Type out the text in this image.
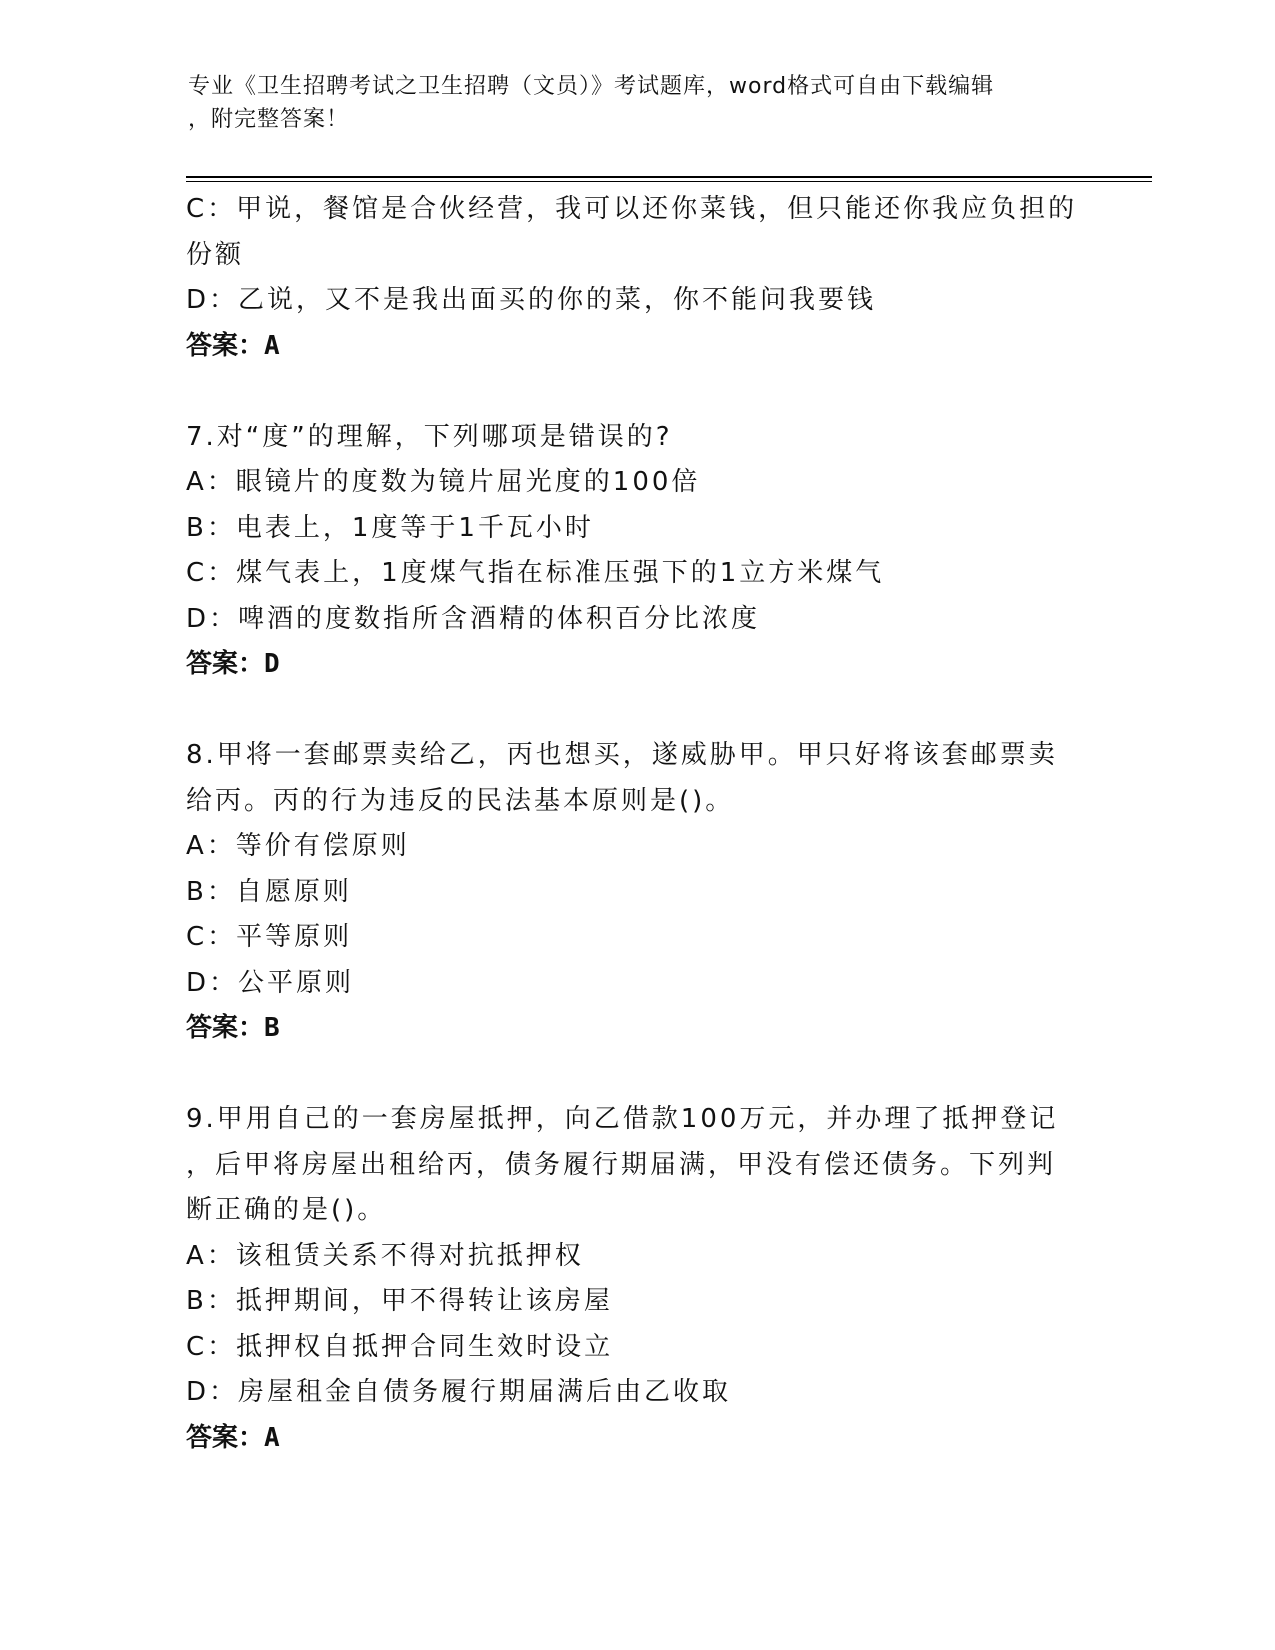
专业《卫生招聘考试之卫生招聘（文员）》考试题库，word格式可自由下载编辑
，附完整答案！
C：甲说，餐馆是合伙经营，我可以还你菜钱，但只能还你我应负担的
份额
D：乙说，又不是我出面买的你的菜，你不能问我要钱
答案：A
7.对“度”的理解，下列哪项是错误的?
A：眼镜片的度数为镜片屈光度的100倍
B：电表上，1度等于1千瓦小时
C：煤气表上，1度煤气指在标准压强下的1立方米煤气
D：啤酒的度数指所含酒精的体积百分比浓度
答案：D
8.甲将一套邮票卖给乙，丙也想买，遂威胁甲。甲只好将该套邮票卖
给丙。丙的行为违反的民法基本原则是()。
A：等价有偿原则
B：自愿原则
C：平等原则
D：公平原则
答案：B
9.甲用自己的一套房屋抵押，向乙借款100万元，并办理了抵押登记
，后甲将房屋出租给丙，债务履行期届满，甲没有偿还债务。下列判
断正确的是()。
A：该租赁关系不得对抗抵押权
B：抵押期间，甲不得转让该房屋
C：抵押权自抵押合同生效时设立
D：房屋租金自债务履行期届满后由乙收取
答案：A
